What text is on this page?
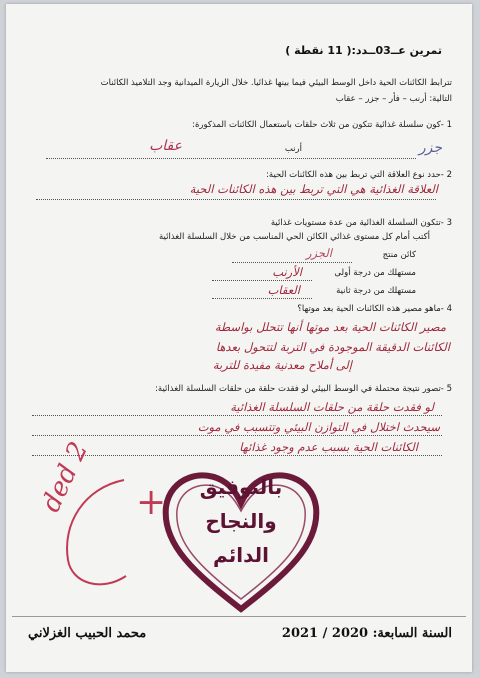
تمرين عــ03ــدد:( 11 نقطة )
تترابط الكائنات الحية داخل الوسط البيئي فيما بينها غذائيا. خلال الزيارة الميدانية وجد التلاميذ الكائنات
التالية: أرنب – فأر – جزر – عقاب
1 -كون سلسلة غذائية تتكون من ثلاث حلقات باستعمال الكائنات المذكورة:
جزر
أرنب
عقاب
2 -حدد نوع العلاقة التي تربط بين هذه الكائنات الحية:
العلاقة الغذائية هي التي تربط بين هذه الكائنات الحية
3 -تتكون السلسلة الغذائية من عدة مستويات غذائية
أكتب أمام كل مستوى غذائي الكائن الحي المناسب من خلال السلسلة الغذائية
كائن منتج
الجزر
مستهلك من درجة أولى
الأرنب
مستهلك من درجة ثانية
العقاب
4 -ماهو مصير هذه الكائنات الحية بعد موتها؟
مصير الكائنات الحية بعد موتها أنها تتحلل بواسطة
الكائنات الدقيقة الموجودة في التربة لتتحول بعدها
إلى أملاح معدنية مفيدة للتربة
5 -تصور نتيجة محتملة في الوسط البيئي لو فقدت حلقة من حلقات السلسلة الغذائية:
لو فقدت حلقة من حلقات السلسلة الغذائية
سيحدث اختلال في التوازن البيئي وتتسبب في موت
الكائنات الحية بسبب عدم وجود غذائها
2 ded
+	بالتوفيق
والنجاح
الدائم
محمد الحبيب الغزلاني	السنة السابعة: 2020 / 2021
